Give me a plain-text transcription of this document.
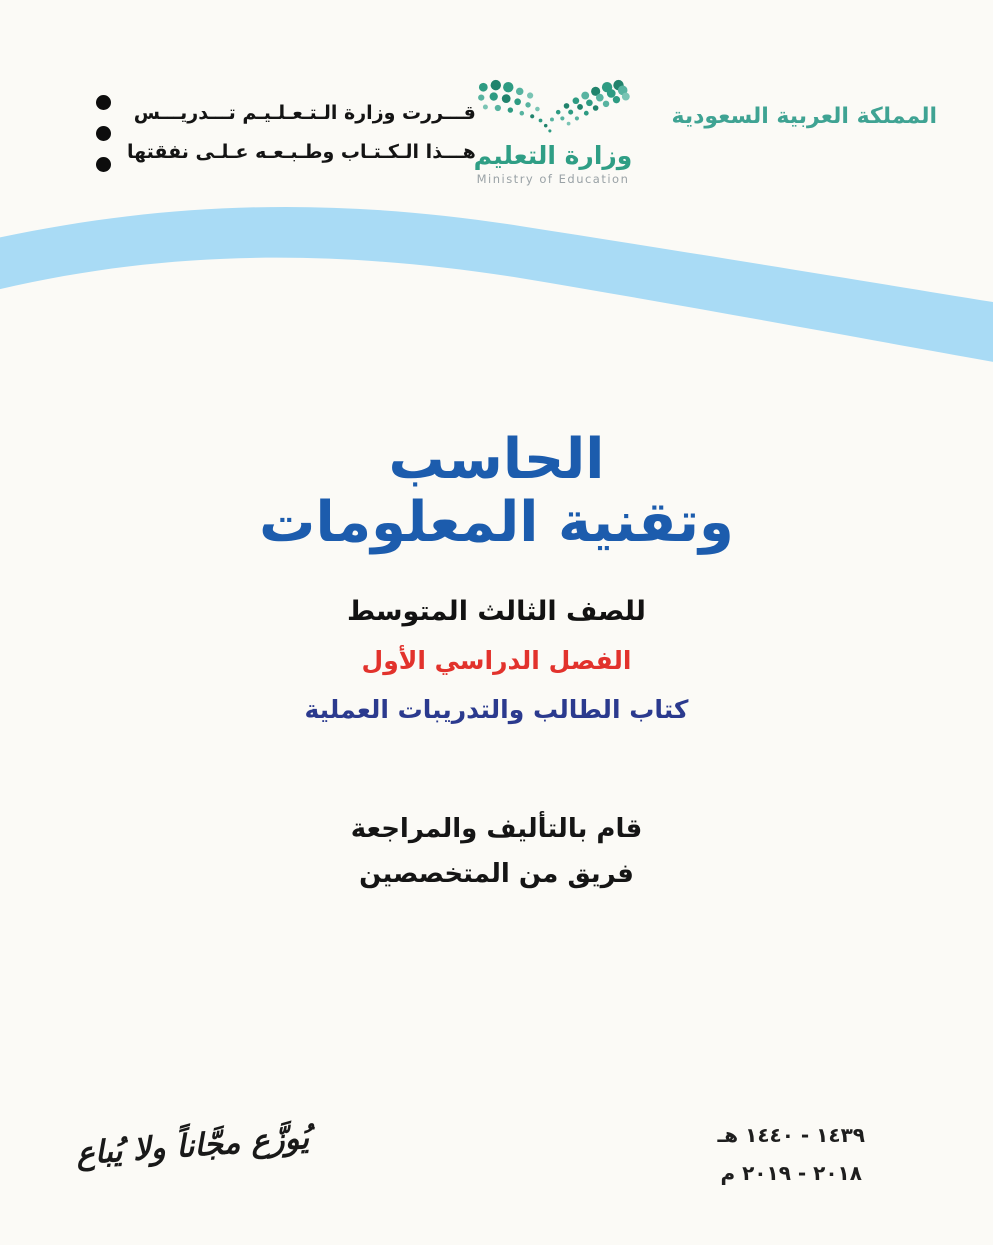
قـــررت وزارة الـتـعـلـيـم تـــدريـــس
هـــذا الـكـتـاب وطـبـعـه عـلـى نفقتها
وزارة التعليم
Ministry of Education
المملكة العربية السعودية
الحاسب
وتقنية المعلومات
للصف الثالث المتوسط
الفصل الدراسي الأول
كتاب الطالب والتدريبات العملية
قام بالتأليف والمراجعة
فريق من المتخصصين
١٤٣٩ - ١٤٤٠ هـ
٢٠١٨ - ٢٠١٩ م
يُوزَّع مجَّاناً ولا يُباع
